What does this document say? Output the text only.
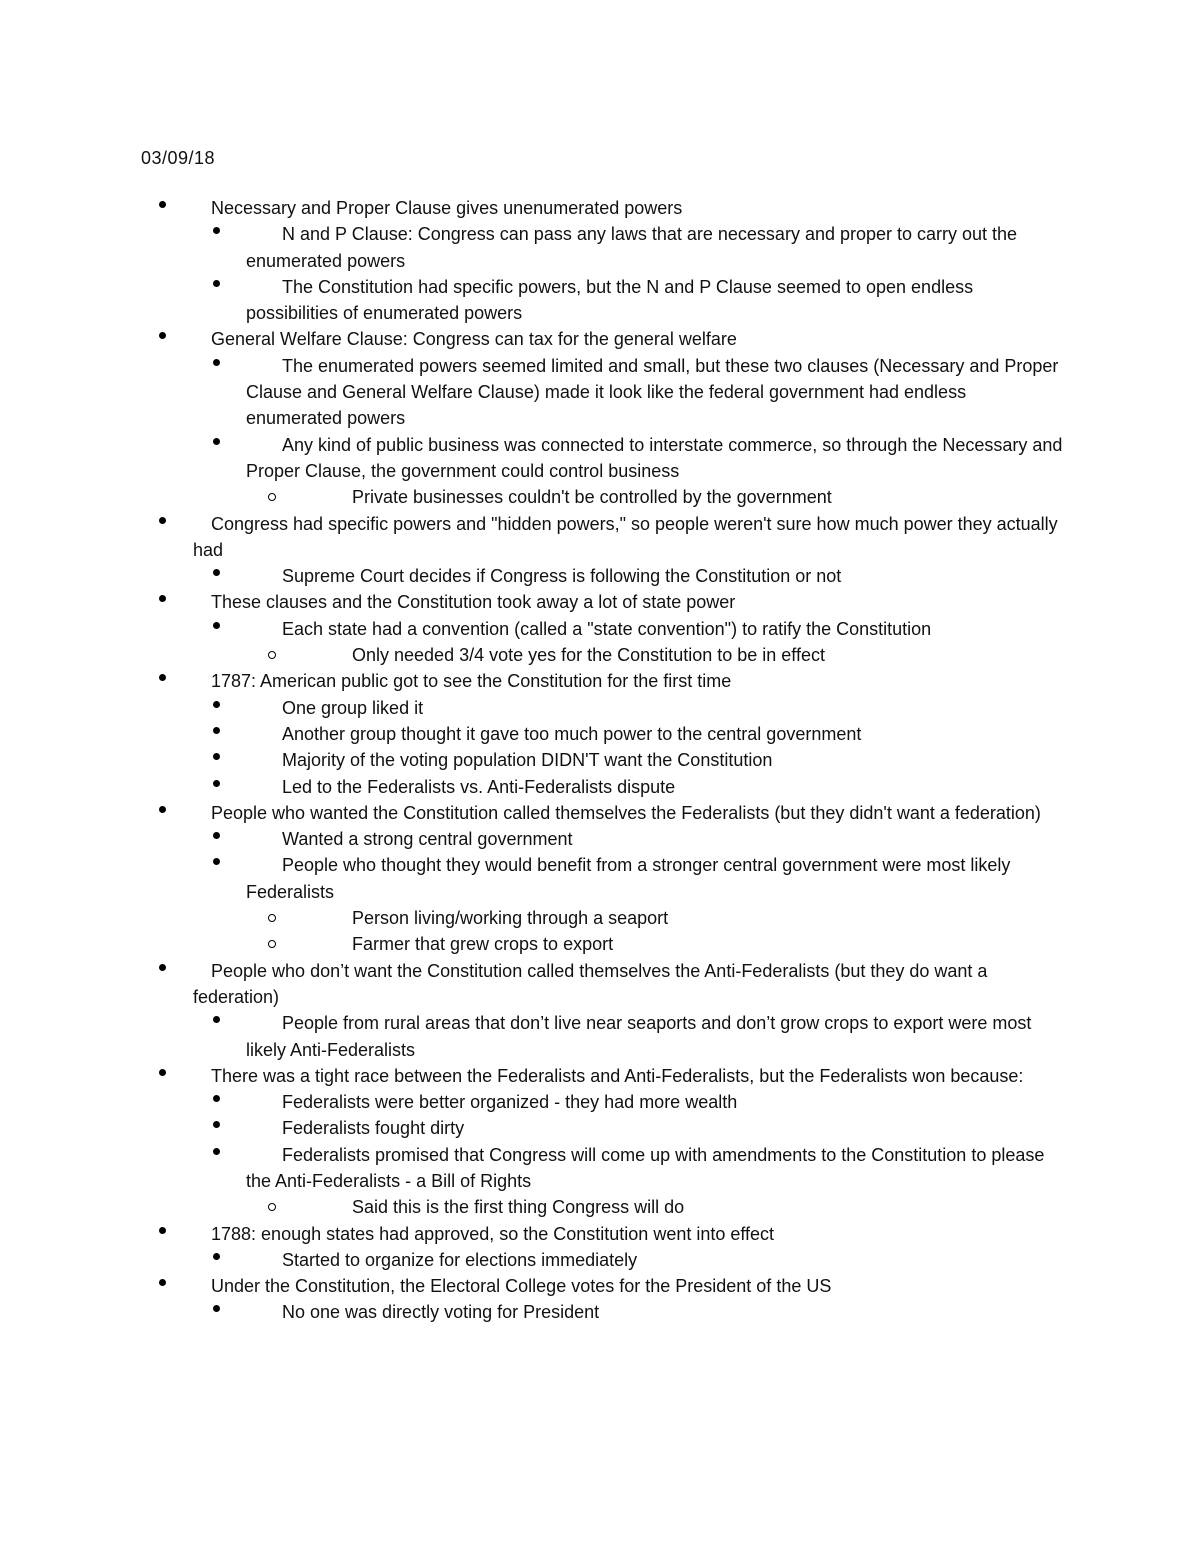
03/09/18
Necessary and Proper Clause gives unenumerated powers
N and P Clause: Congress can pass any laws that are necessary and proper to carry out the enumerated powers
The Constitution had specific powers, but the N and P Clause seemed to open endless possibilities of enumerated powers
General Welfare Clause: Congress can tax for the general welfare
The enumerated powers seemed limited and small, but these two clauses (Necessary and Proper Clause and General Welfare Clause) made it look like the federal government had endless enumerated powers
Any kind of public business was connected to interstate commerce, so through the Necessary and Proper Clause, the government could control business
Private businesses couldn't be controlled by the government
Congress had specific powers and "hidden powers," so people weren't sure how much power they actually had
Supreme Court decides if Congress is following the Constitution or not
These clauses and the Constitution took away a lot of state power
Each state had a convention (called a "state convention") to ratify the Constitution
Only needed 3/4 vote yes for the Constitution to be in effect
1787: American public got to see the Constitution for the first time
One group liked it
Another group thought it gave too much power to the central government
Majority of the voting population DIDN'T want the Constitution
Led to the Federalists vs. Anti-Federalists dispute
People who wanted the Constitution called themselves the Federalists (but they didn't want a federation)
Wanted a strong central government
People who thought they would benefit from a stronger central government were most likely Federalists
Person living/working through a seaport
Farmer that grew crops to export
People who don’t want the Constitution called themselves the Anti-Federalists (but they do want a federation)
People from rural areas that don’t live near seaports and don’t grow crops to export were most likely Anti-Federalists
There was a tight race between the Federalists and Anti-Federalists, but the Federalists won because:
Federalists were better organized - they had more wealth
Federalists fought dirty
Federalists promised that Congress will come up with amendments to the Constitution to please the Anti-Federalists - a Bill of Rights
Said this is the first thing Congress will do
1788: enough states had approved, so the Constitution went into effect
Started to organize for elections immediately
Under the Constitution, the Electoral College votes for the President of the US
No one was directly voting for President
